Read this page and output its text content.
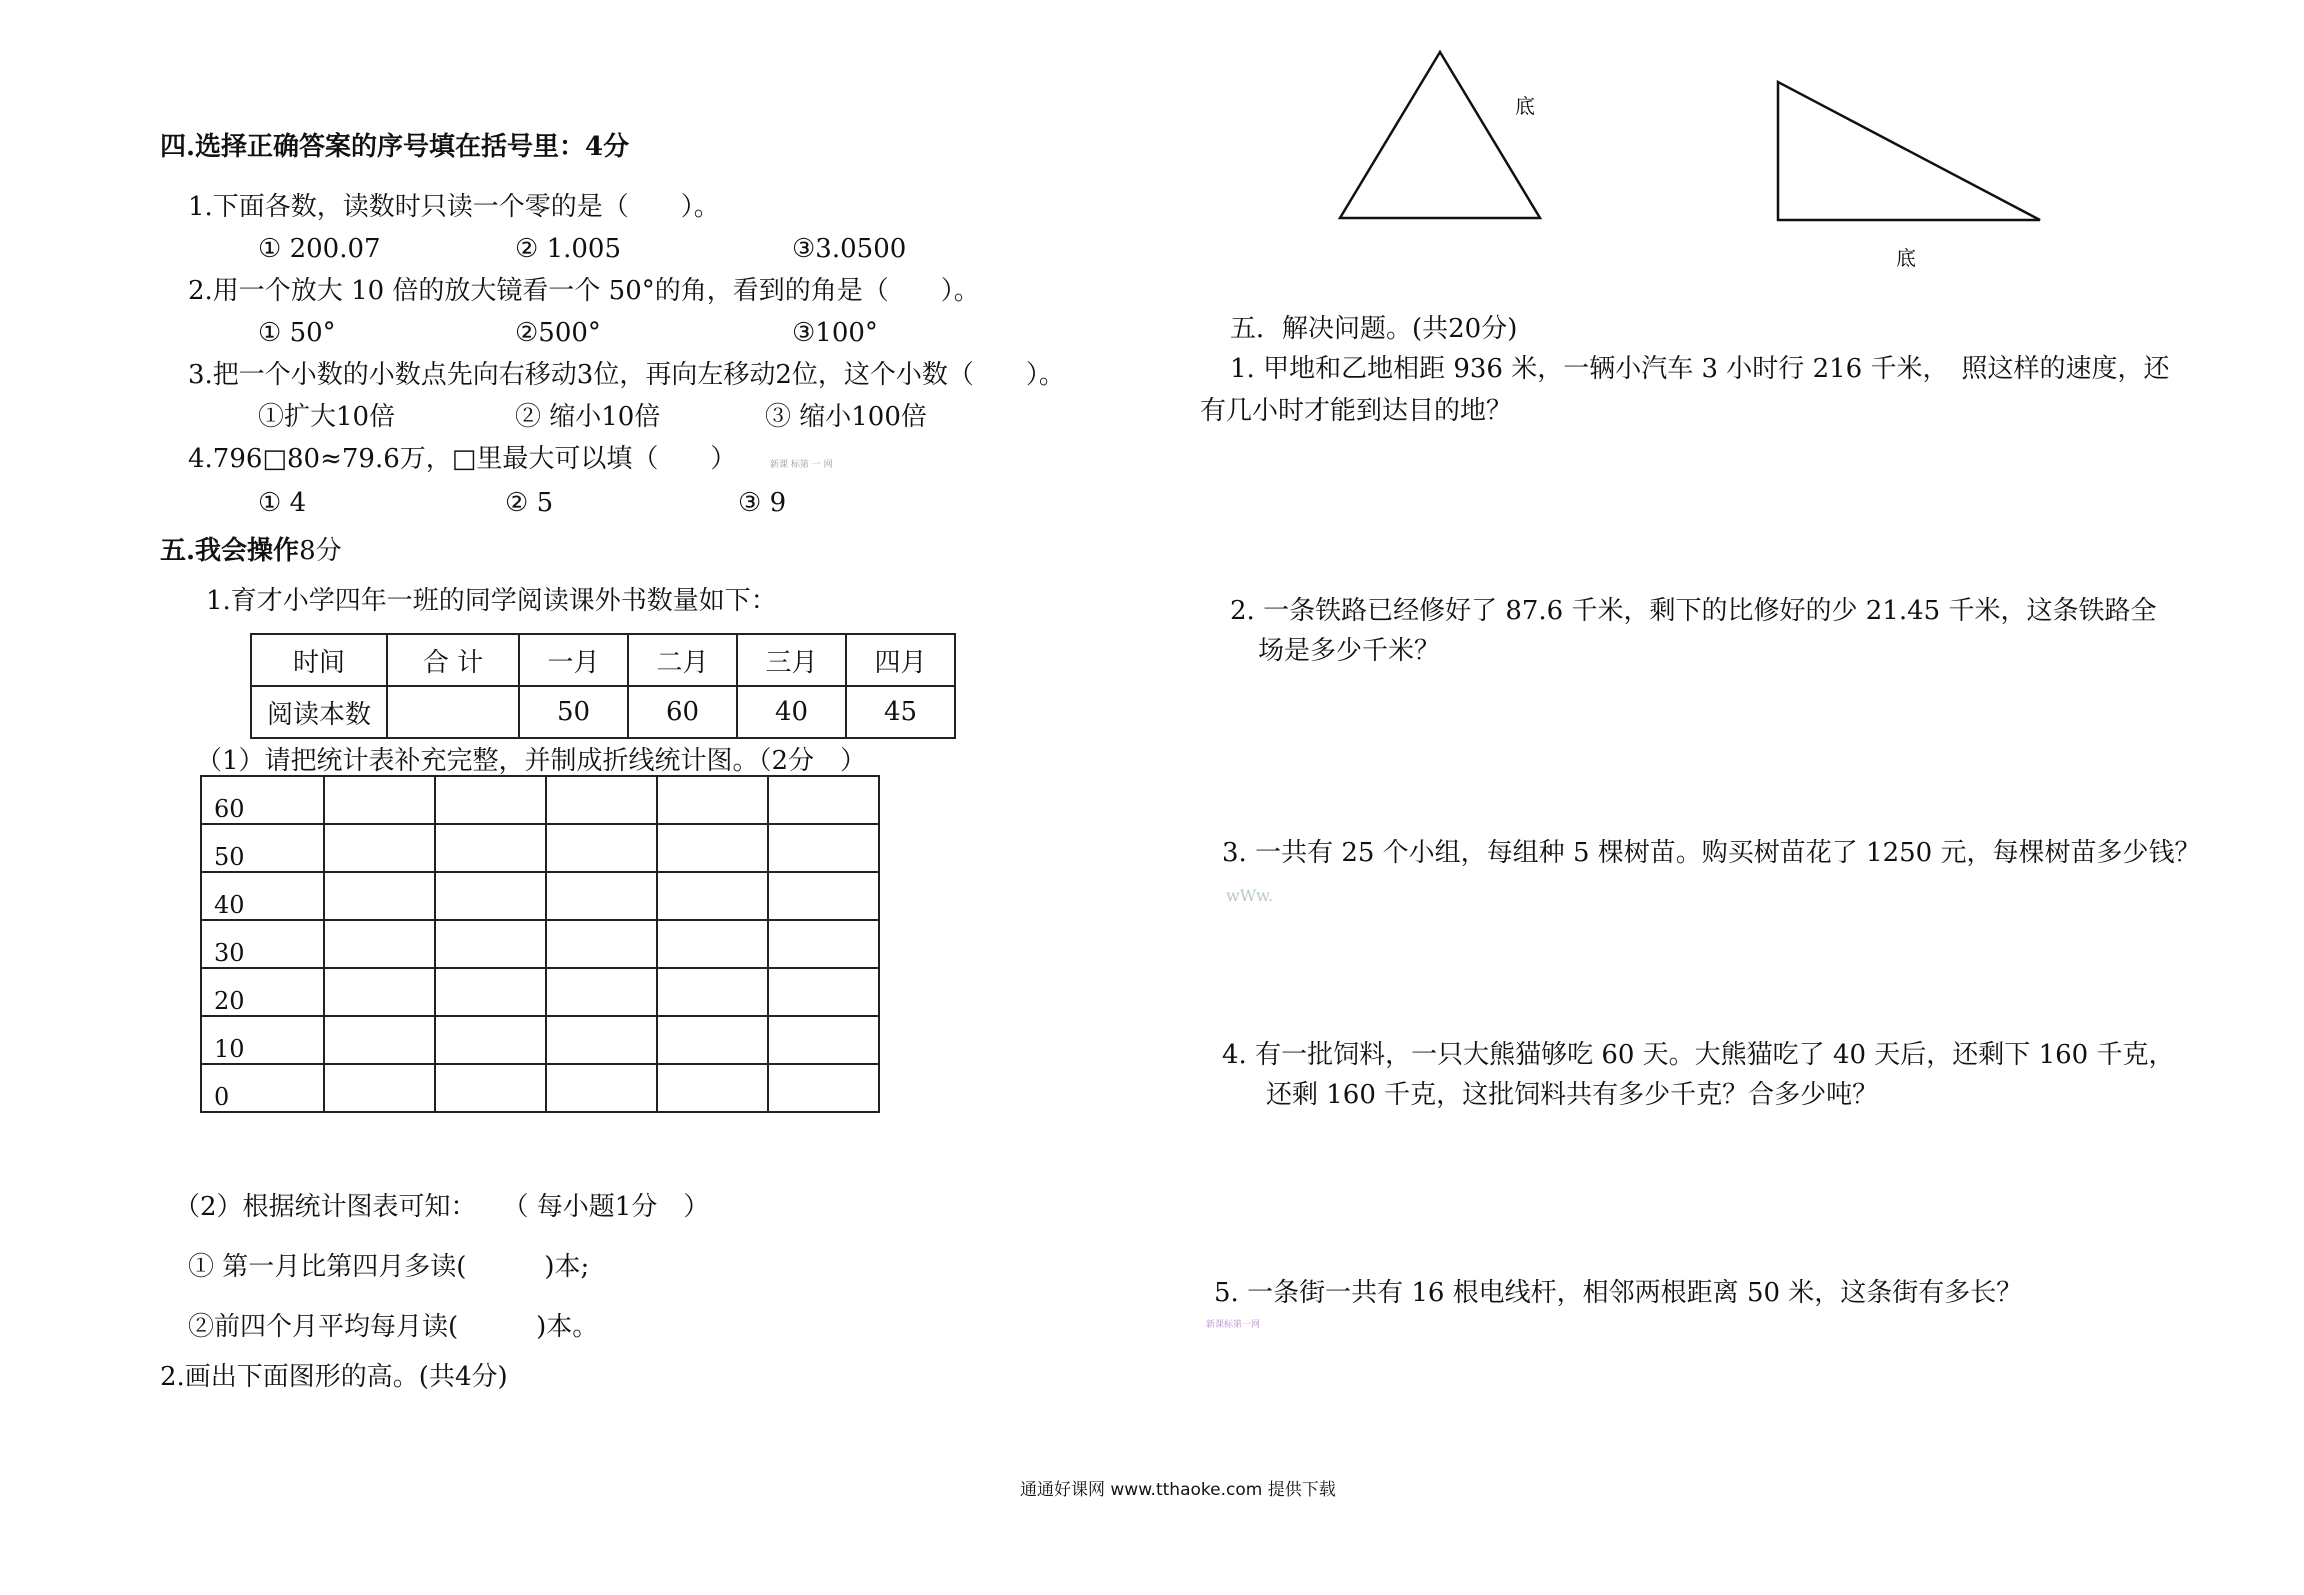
四.选择正确答案的序号填在括号里：4分
1.下面各数，读数时只读一个零的是（　　）。
① 200.07	② 1.005	③3.0500
2.用一个放大 10 倍的放大镜看一个 50°的角，看到的角是（　　）。
① 50°	②500°	③100°
3.把一个小数的小数点先向右移动3位，再向左移动2位，这个小数（　　）。
①扩大10倍	② 缩小10倍	③ 缩小100倍
4.796□80≈79.6万，□里最大可以填（　　）	新课 标第 一 网
① 4	② 5	③ 9
五.我会操作8分
1.育才小学四年一班的同学阅读课外书数量如下：
时间	合 计	一月	二月	三月	四月
阅读本数		50	60	40	45
（1）请把统计表补充完整，并制成折线统计图。（2分　）
60					
50					
40					
30					
20					
10					
0					
（2）根据统计图表可知：　　（ 每小题1分　）
① 第一月比第四月多读(　　　)本;
②前四个月平均每月读(　　　)本。
2.画出下面图形的高。(共4分)
底
底
五．解决问题。(共20分)
1. 甲地和乙地相距 936 米，一辆小汽车 3 小时行 216 千米，　照这样的速度，还
有几小时才能到达目的地？
2. 一条铁路已经修好了 87.6 千米，剩下的比修好的少 21.45 千米，这条铁路全
场是多少千米？
3. 一共有 25 个小组，每组种 5 棵树苗。购买树苗花了 1250 元，每棵树苗多少钱？
wWw.
4. 有一批饲料，一只大熊猫够吃 60 天。大熊猫吃了 40 天后，还剩下 160 千克，
还剩 160 千克，这批饲料共有多少千克？合多少吨？
5. 一条街一共有 16 根电线杆，相邻两根距离 50 米，这条街有多长？
新课标第一网
通通好课网 www.tthaoke.com 提供下载
